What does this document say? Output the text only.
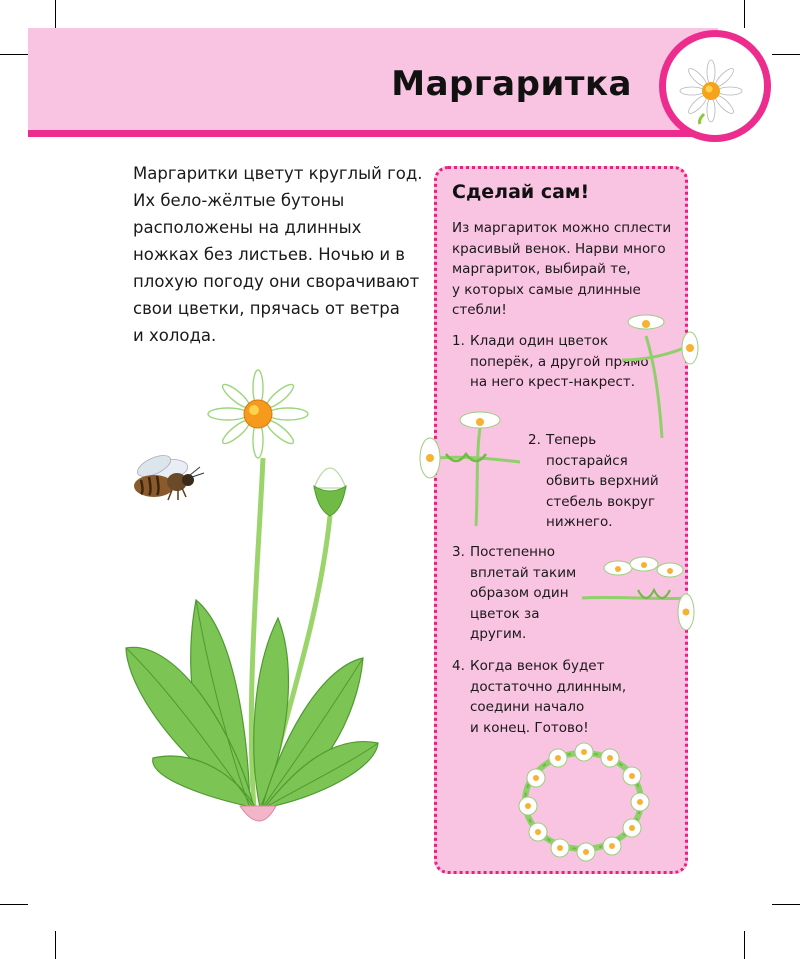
Маргаритка

Маргаритки цветут круглый год.

Их бело-жёлтые бутоны

расположены на длинных

ножках без листьев. Ночью и в

плохую погоду они сворачивают

свои цветки, прячась от ветра

и холода.

Сделай сам!
Из маргариток можно сплести
красивый венок. Нарви много
маргариток, выбирай те,
у которых самые длинные
стебли!
1. Клади один цветок
поперёк, а другой прямо
на него крест-накрест.
2. Теперь
постарайся
обвить верхний
стебель вокруг
нижнего.
3. Постепенно
вплетай таким
образом один
цветок за
другим.
4. Когда венок будет
достаточно длинным,
соедини начало
и конец. Готово!
